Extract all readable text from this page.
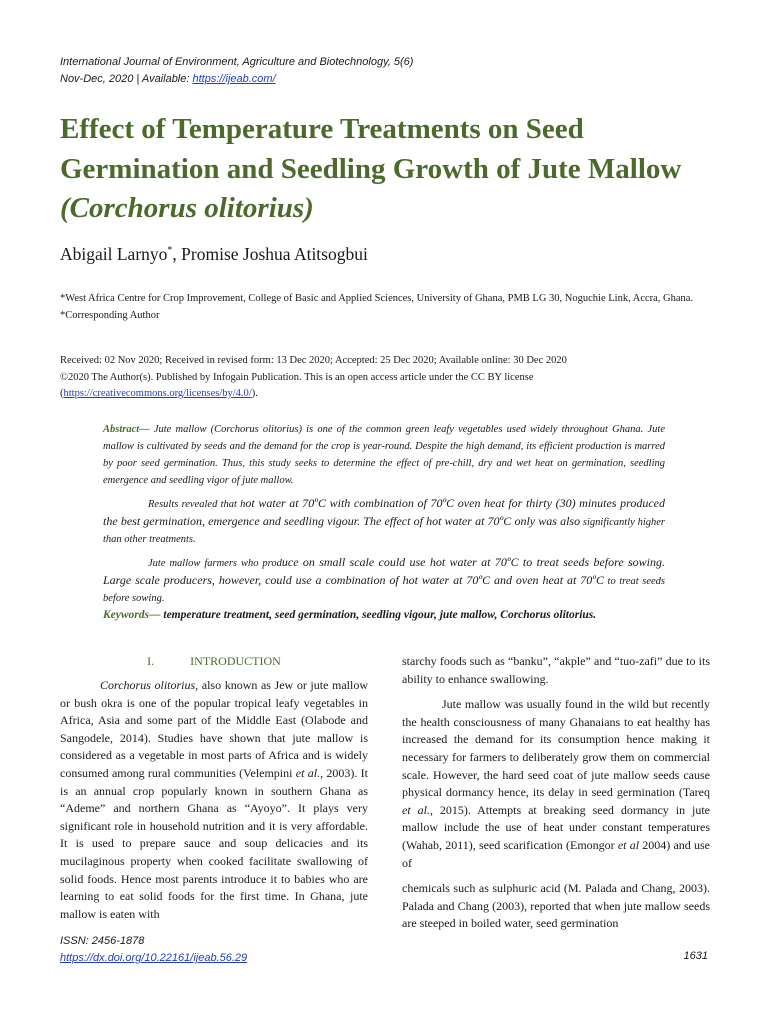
International Journal of Environment, Agriculture and Biotechnology, 5(6)
Nov-Dec, 2020 | Available: https://ijeab.com/
Effect of Temperature Treatments on Seed Germination and Seedling Growth of Jute Mallow (Corchorus olitorius)
Abigail Larnyo*, Promise Joshua Atitsogbui
*West Africa Centre for Crop Improvement, College of Basic and Applied Sciences, University of Ghana, PMB LG 30, Noguchie Link, Accra, Ghana.
*Corresponding Author
Received: 02 Nov 2020; Received in revised form: 13 Dec 2020; Accepted: 25 Dec 2020; Available online: 30 Dec 2020
©2020 The Author(s). Published by Infogain Publication. This is an open access article under the CC BY license
(https://creativecommons.org/licenses/by/4.0/).

Abstract— Jute mallow (Corchorus olitorius) is one of the common green leafy vegetables used widely throughout Ghana. Jute mallow is cultivated by seeds and the demand for the crop is year-round. Despite the high demand, its efficient production is marred by poor seed germination. Thus, this study seeks to determine the effect of pre-chill, dry and wet heat on germination, seedling emergence and seedling vigor of jute mallow.

Results revealed that hot water at 70ºC with combination of 70ºC oven heat for thirty (30) minutes produced the best germination, emergence and seedling vigour. The effect of hot water at 70ºC only was also significantly higher than other treatments.

Jute mallow farmers who produce on small scale could use hot water at 70ºC to treat seeds before sowing. Large scale producers, however, could use a combination of hot water at 70ºC and oven heat at 70ºC to treat seeds before sowing.

Keywords— temperature treatment, seed germination, seedling vigour, jute mallow, Corchorus olitorius.

I.	INTRODUCTION

Corchorus olitorius, also known as Jew or jute mallow or bush okra is one of the popular tropical leafy vegetables in Africa, Asia and some part of the Middle East (Olabode and Sangodele, 2014). Studies have shown that jute mallow is considered as a vegetable in most parts of Africa and is widely consumed among rural communities (Velempini et al., 2003). It is an annual crop popularly known in southern Ghana as “Ademe” and northern Ghana as “Ayoyo”. It plays very significant role in household nutrition and it is very affordable. It is used to prepare sauce and soup delicacies and its mucilaginous property when cooked facilitate swallowing of solid foods. Hence most parents introduce it to babies who are learning to eat solid foods for the first time. In Ghana, jute mallow is eaten with

starchy foods such as “banku”, “akple” and “tuo-zafi” due to its ability to enhance swallowing.

Jute mallow was usually found in the wild but recently the health consciousness of many Ghanaians to eat healthy has increased the demand for its consumption hence making it necessary for farmers to deliberately grow them on commercial scale. However, the hard seed coat of jute mallow seeds cause physical dormancy hence, its delay in seed germination (Tareq et al., 2015). Attempts at breaking seed dormancy in jute mallow include the use of heat under constant temperatures (Wahab, 2011), seed scarification (Emongor et al 2004) and use of

chemicals such as sulphuric acid (M. Palada and Chang, 2003). Palada and Chang (2003), reported that when jute mallow seeds are steeped in boiled water, seed germination

ISSN: 2456-1878
https://dx.doi.org/10.22161/ijeab.56.29	1631
